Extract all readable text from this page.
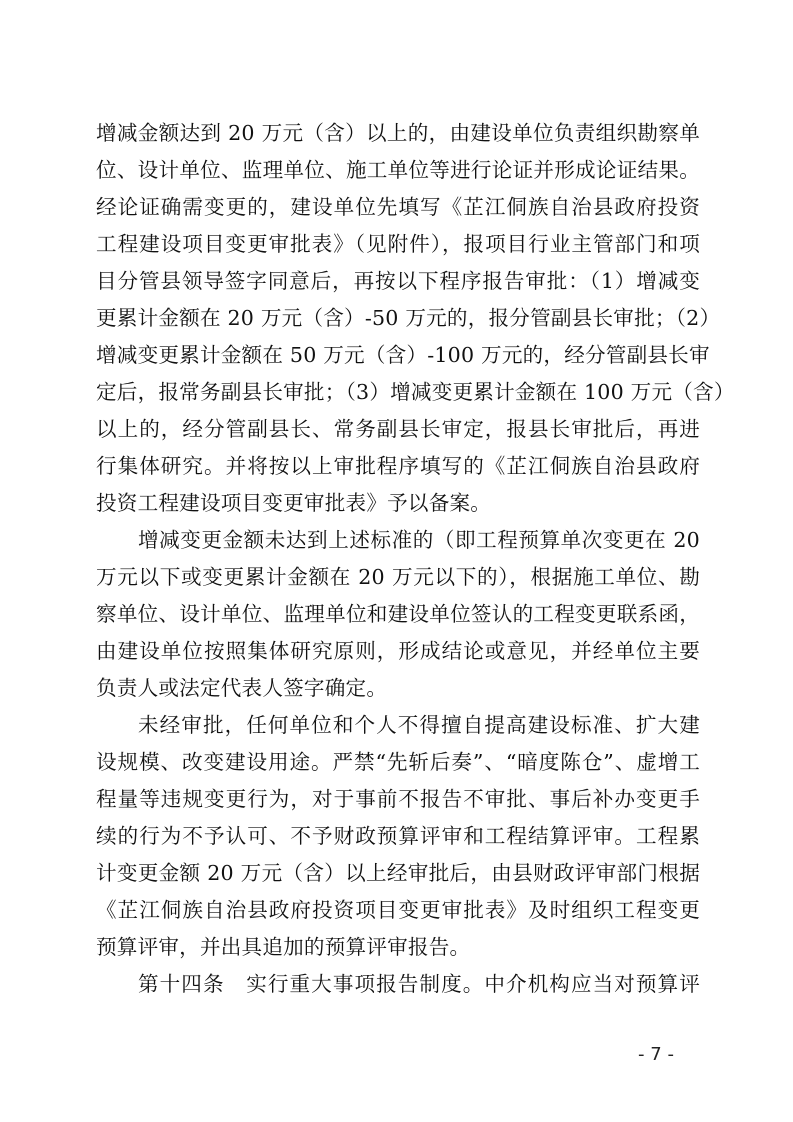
增减金额达到 20 万元（含）以上的，由建设单位负责组织勘察单
位、设计单位、监理单位、施工单位等进行论证并形成论证结果。
经论证确需变更的，建设单位先填写《芷江侗族自治县政府投资
工程建设项目变更审批表》（见附件），报项目行业主管部门和项
目分管县领导签字同意后，再按以下程序报告审批：（1）增减变
更累计金额在 20 万元（含）-50 万元的，报分管副县长审批；（2）
增减变更累计金额在 50 万元（含）-100 万元的，经分管副县长审
定后，报常务副县长审批；（3）增减变更累计金额在 100 万元（含）
以上的，经分管副县长、常务副县长审定，报县长审批后，再进
行集体研究。并将按以上审批程序填写的《芷江侗族自治县政府
投资工程建设项目变更审批表》予以备案。
增减变更金额未达到上述标准的（即工程预算单次变更在 20
万元以下或变更累计金额在 20 万元以下的），根据施工单位、勘
察单位、设计单位、监理单位和建设单位签认的工程变更联系函，
由建设单位按照集体研究原则，形成结论或意见，并经单位主要
负责人或法定代表人签字确定。
未经审批，任何单位和个人不得擅自提高建设标准、扩大建
设规模、改变建设用途。严禁“先斩后奏”、“暗度陈仓”、虚增工
程量等违规变更行为，对于事前不报告不审批、事后补办变更手
续的行为不予认可、不予财政预算评审和工程结算评审。工程累
计变更金额 20 万元（含）以上经审批后，由县财政评审部门根据
《芷江侗族自治县政府投资项目变更审批表》及时组织工程变更
预算评审，并出具追加的预算评审报告。
第十四条　实行重大事项报告制度。中介机构应当对预算评
- 7 -
